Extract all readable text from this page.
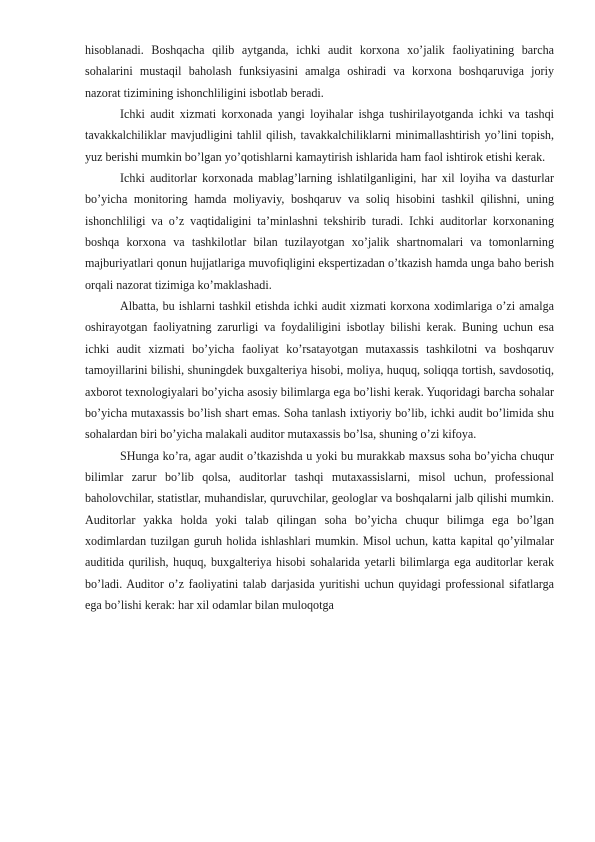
hisoblanadi. Boshqacha qilib aytganda, ichki audit korxona xo’jalik faoliyatining barcha sohalarini mustaqil baholash funksiyasini amalga oshiradi va korxona boshqaruviga joriy nazorat tizimining ishonchliligini isbotlab beradi.

Ichki audit xizmati korxonada yangi loyihalar ishga tushirilayotganda ichki va tashqi tavakkalchiliklar mavjudligini tahlil qilish, tavakkalchiliklarni minimallashtirish yo’lini topish, yuz berishi mumkin bo’lgan yo’qotishlarni kamaytirish ishlarida ham faol ishtirok etishi kerak.

Ichki auditorlar korxonada mablag’larning ishlatilganligini, har xil loyiha va dasturlar bo’yicha monitoring hamda moliyaviy, boshqaruv va soliq hisobini tashkil qilishni, uning ishonchliligi va o’z vaqtidaligini ta’minlashni tekshirib turadi. Ichki auditorlar korxonaning boshqa korxona va tashkilotlar bilan tuzilayotgan xo’jalik shartnomalari va tomonlarning majburiyatlari qonun hujjatlariga muvofiqligini ekspertizadan o’tkazish hamda unga baho berish orqali nazorat tizimiga ko’maklashadi.

Albatta, bu ishlarni tashkil etishda ichki audit xizmati korxona xodimlariga o’zi amalga oshirayotgan faoliyatning zarurligi va foydaliligini isbotlay bilishi kerak. Buning uchun esa ichki audit xizmati bo’yicha faoliyat ko’rsatayotgan mutaxassis tashkilotni va boshqaruv tamoyillarini bilishi, shuningdek buxgalteriya hisobi, moliya, huquq, soliqqa tortish, savdosotiq, axborot texnologiyalari bo’yicha asosiy bilimlarga ega bo’lishi kerak. Yuqoridagi barcha sohalar bo’yicha mutaxassis bo’lish shart emas. Soha tanlash ixtiyoriy bo’lib, ichki audit bo’limida shu sohalardan biri bo’yicha malakali auditor mutaxassis bo’lsa, shuning o’zi kifoya.

SHunga ko’ra, agar audit o’tkazishda u yoki bu murakkab maxsus soha bo’yicha chuqur bilimlar zarur bo’lib qolsa, auditorlar tashqi mutaxassislarni, misol uchun, professional baholovchilar, statistlar, muhandislar, quruvchilar, geologlar va boshqalarni jalb qilishi mumkin. Auditorlar yakka holda yoki talab qilingan soha bo’yicha chuqur bilimga ega bo’lgan xodimlardan tuzilgan guruh holida ishlashlari mumkin. Misol uchun, katta kapital qo’yilmalar auditida qurilish, huquq, buxgalteriya hisobi sohalarida yetarli bilimlarga ega auditorlar kerak bo’ladi. Auditor o’z faoliyatini talab darjasida yuritishi uchun quyidagi professional sifatlarga ega bo’lishi kerak: har xil odamlar bilan muloqotga
